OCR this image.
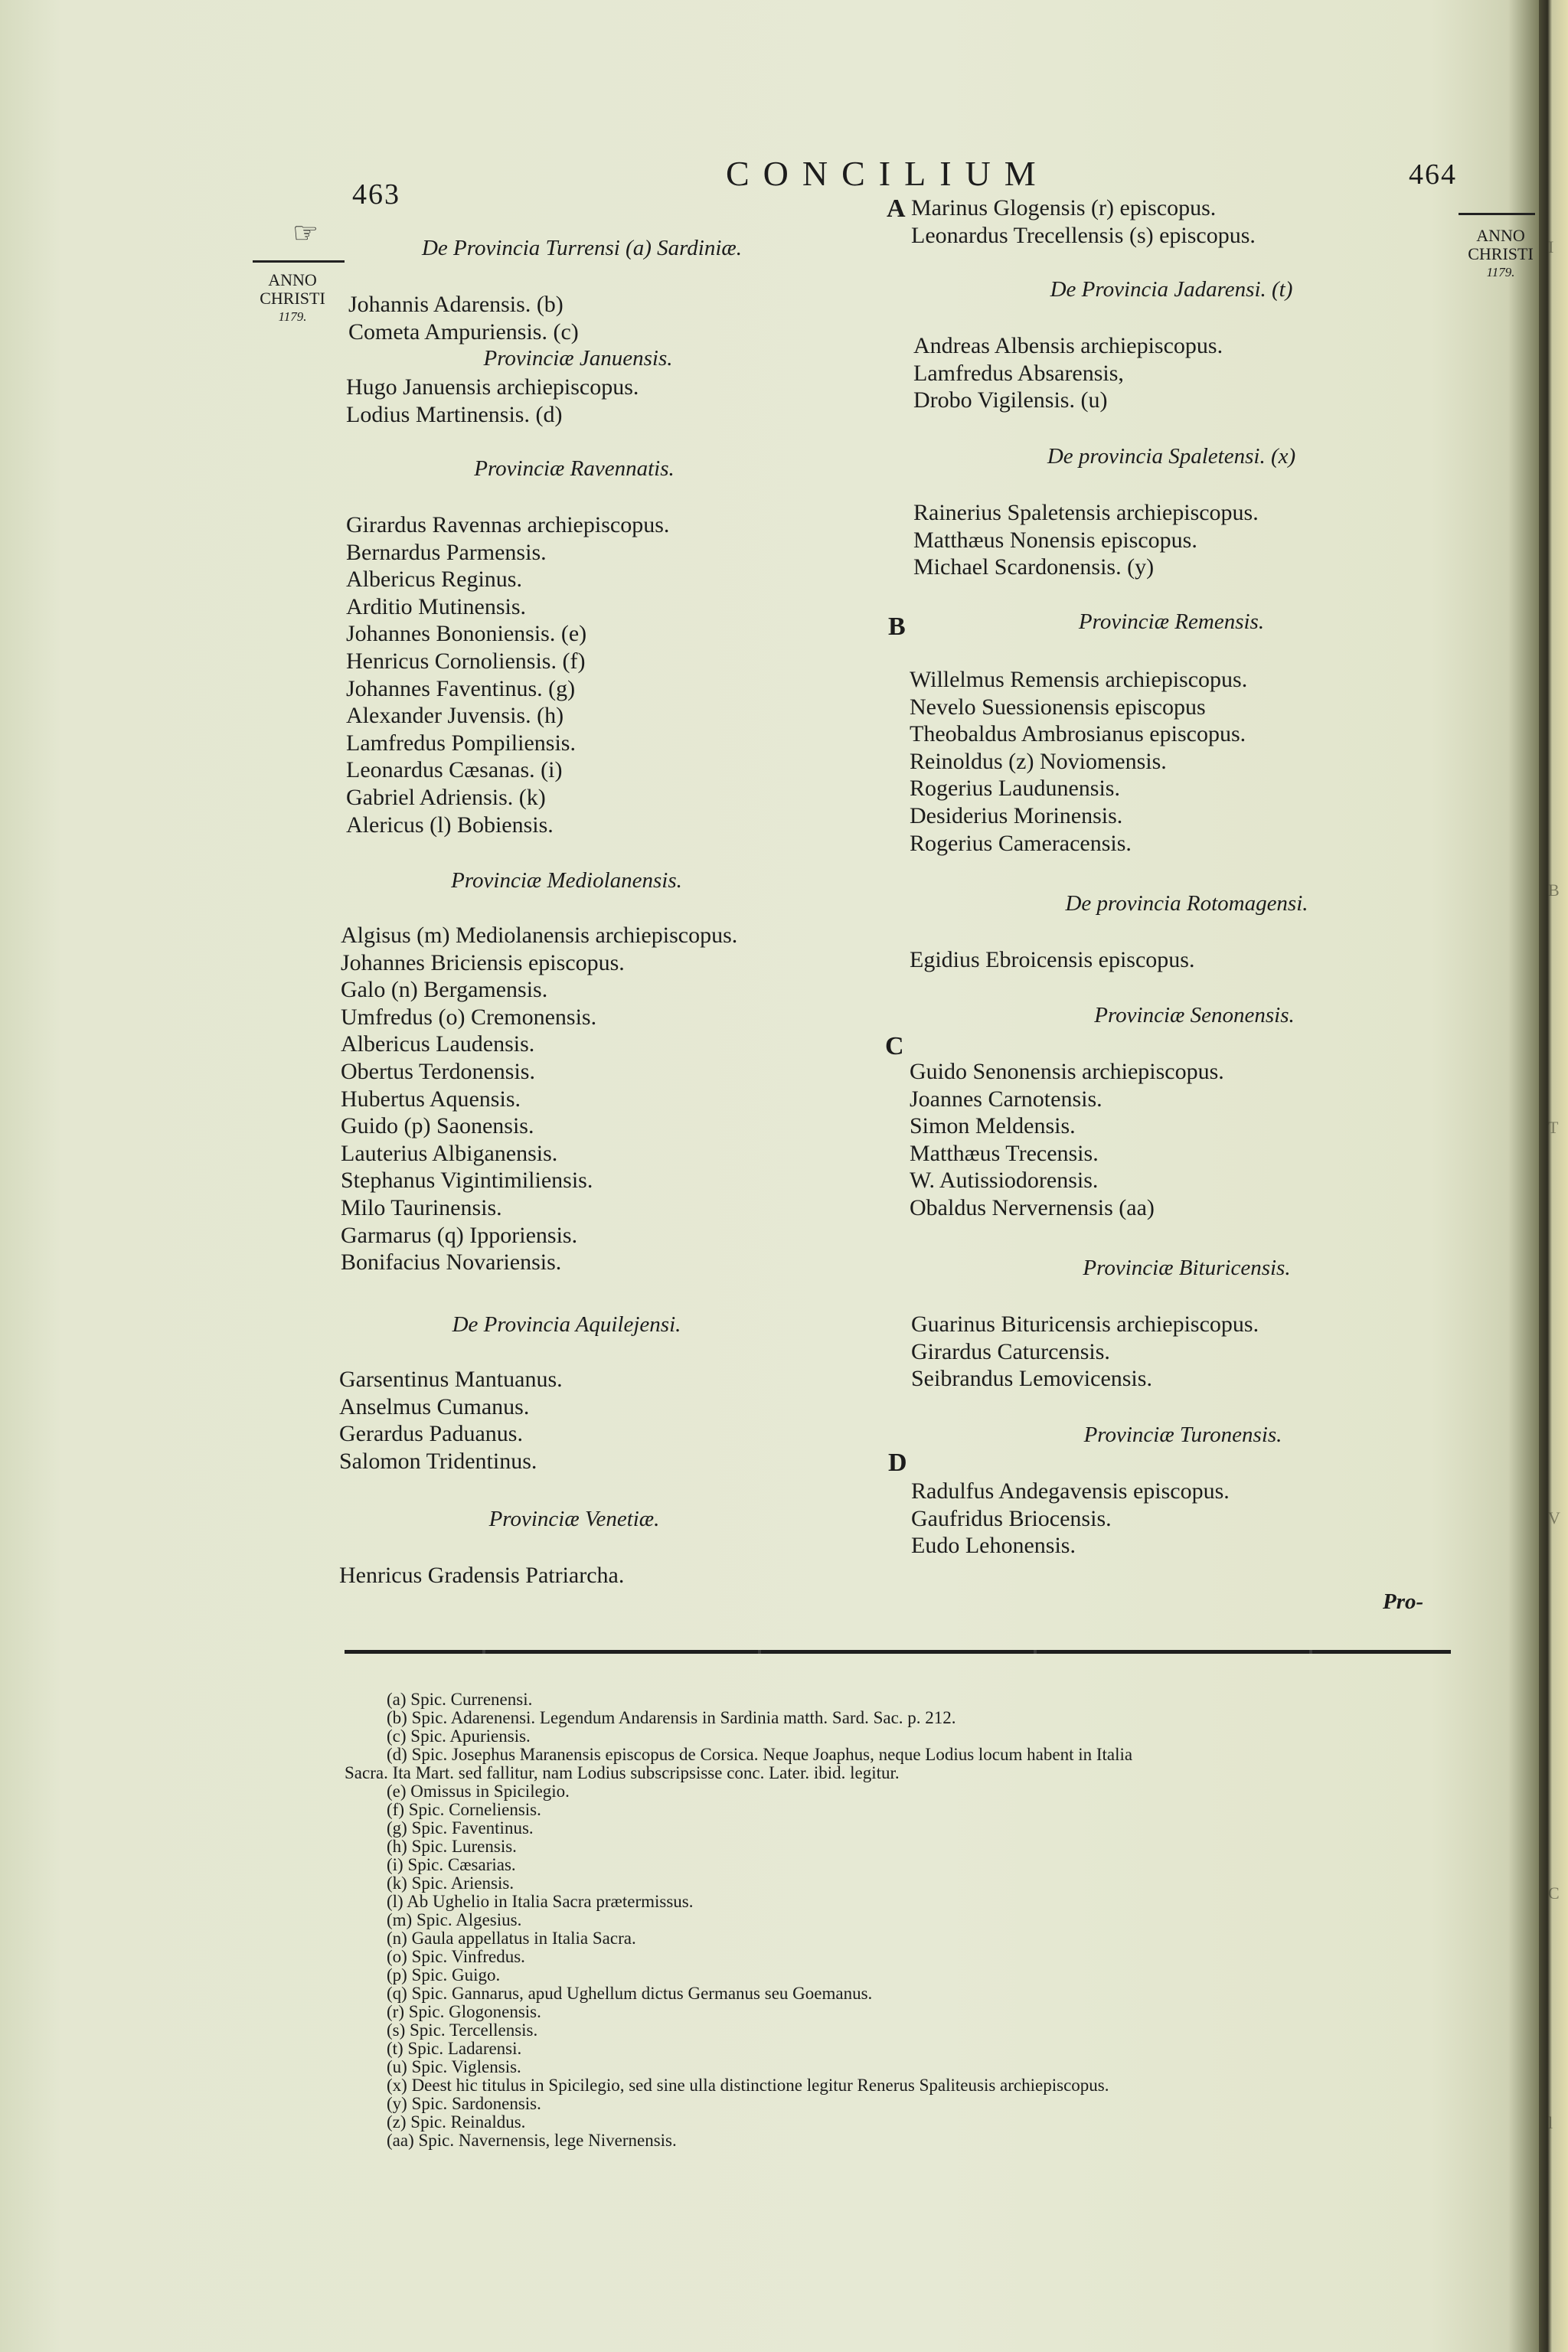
I
B
T
V
C
l
463
CONCILIUM	464
☞
ANNO
CHRISTI
1179.
ANNO
CHRISTI
1179.
De Provincia Turrensi (a) Sardiniæ.
Johannis Adarensis. (b)
Cometa Ampuriensis. (c)
Provinciæ Januensis.
Hugo Januensis archiepiscopus.
Lodius Martinensis. (d)
Provinciæ Ravennatis.
Girardus Ravennas archiepiscopus.
Bernardus Parmensis.
Albericus Reginus.
Arditio Mutinensis.
Johannes Bononiensis. (e)
Henricus Cornoliensis. (f)
Johannes Faventinus. (g)
Alexander Juvensis. (h)
Lamfredus Pompiliensis.
Leonardus Cæsanas. (i)
Gabriel Adriensis. (k)
Alericus (l) Bobiensis.
Provinciæ Mediolanensis.
Algisus (m) Mediolanensis archiepiscopus.
Johannes Briciensis episcopus.
Galo (n) Bergamensis.
Umfredus (o) Cremonensis.
Albericus Laudensis.
Obertus Terdonensis.
Hubertus Aquensis.
Guido (p) Saonensis.
Lauterius Albiganensis.
Stephanus Vigintimiliensis.
Milo Taurinensis.
Garmarus (q) Ipporiensis.
Bonifacius Novariensis.
De Provincia Aquilejensi.
Garsentinus Mantuanus.
Anselmus Cumanus.
Gerardus Paduanus.
Salomon Tridentinus.
Provinciæ Venetiæ.
Henricus Gradensis Patriarcha.
A
B
C
D
Marinus Glogensis (r) episcopus.
Leonardus Trecellensis (s) episcopus.
De Provincia Jadarensi. (t)
Andreas Albensis archiepiscopus.
Lamfredus Absarensis,
Drobo Vigilensis. (u)
De provincia Spaletensi. (x)
Rainerius Spaletensis archiepiscopus.
Matthæus Nonensis episcopus.
Michael Scardonensis. (y)
Provinciæ Remensis.
Willelmus Remensis archiepiscopus.
Nevelo Suessionensis episcopus
Theobaldus Ambrosianus episcopus.
Reinoldus (z) Noviomensis.
Rogerius Laudunensis.
Desiderius Morinensis.
Rogerius Cameracensis.
De provincia Rotomagensi.
Egidius Ebroicensis episcopus.
Provinciæ Senonensis.
Guido Senonensis archiepiscopus.
Joannes Carnotensis.
Simon Meldensis.
Matthæus Trecensis.
W. Autissiodorensis.
Obaldus Nervernensis (aa)
Provinciæ Bituricensis.
Guarinus Bituricensis archiepiscopus.
Girardus Caturcensis.
Seibrandus Lemovicensis.
Provinciæ Turonensis.
Radulfus Andegavensis episcopus.
Gaufridus Briocensis.
Eudo Lehonensis.
Pro-
(a) Spic. Currenensi.
(b) Spic. Adarenensi. Legendum Andarensis in Sardinia matth. Sard. Sac. p. 212.
(c) Spic. Apuriensis.
(d) Spic. Josephus Maranensis episcopus de Corsica. Neque Joaphus, neque Lodius locum habent in Italia
Sacra. Ita Mart. sed fallitur, nam Lodius subscripsisse conc. Later. ibid. legitur.
(e) Omissus in Spicilegio.
(f) Spic. Corneliensis.
(g) Spic. Faventinus.
(h) Spic. Lurensis.
(i) Spic. Cæsarias.
(k) Spic. Ariensis.
(l) Ab Ughelio in Italia Sacra prætermissus.
(m) Spic. Algesius.
(n) Gaula appellatus in Italia Sacra.
(o) Spic. Vinfredus.
(p) Spic. Guigo.
(q) Spic. Gannarus, apud Ughellum dictus Germanus seu Goemanus.
(r) Spic. Glogonensis.
(s) Spic. Tercellensis.
(t) Spic. Ladarensi.
(u) Spic. Viglensis.
(x) Deest hic titulus in Spicilegio, sed sine ulla distinctione legitur Renerus Spaliteusis archiepiscopus.
(y) Spic. Sardonensis.
(z) Spic. Reinaldus.
(aa) Spic. Navernensis, lege Nivernensis.
